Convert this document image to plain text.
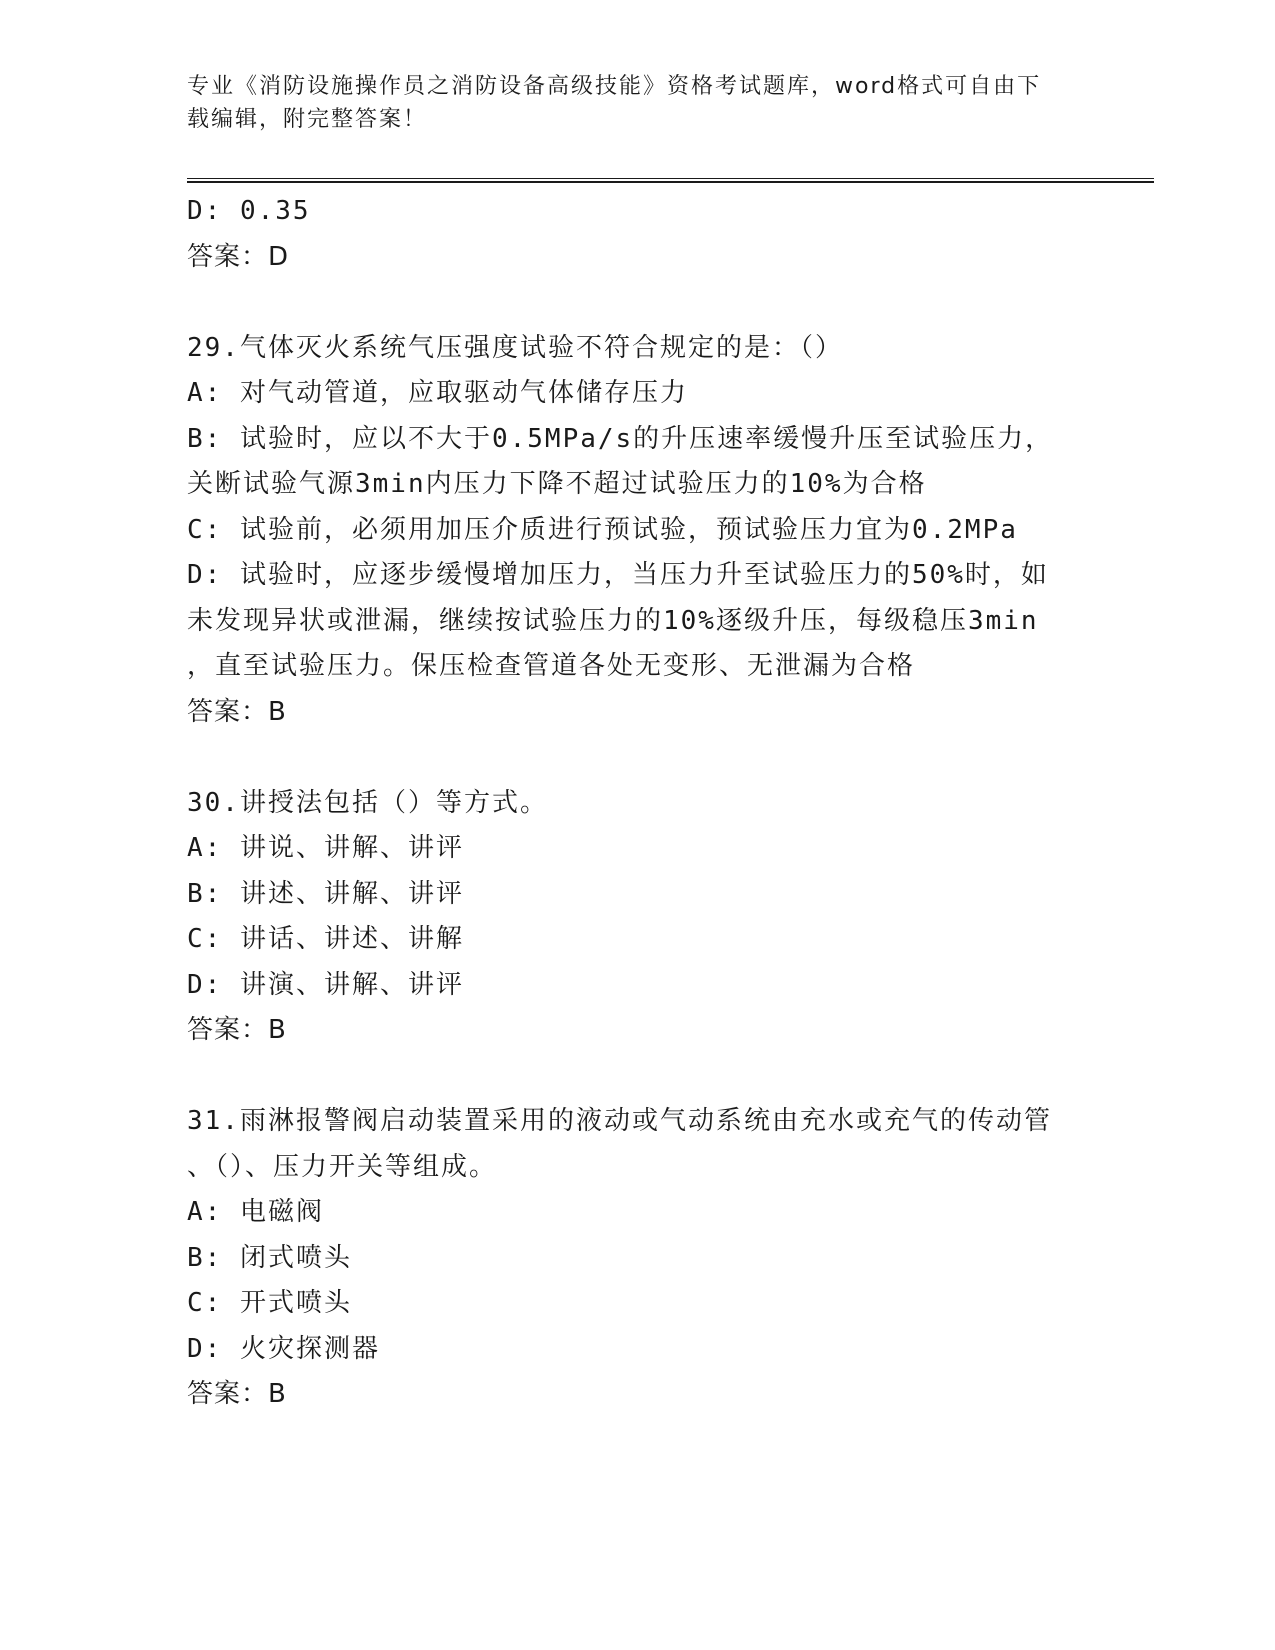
专业《消防设施操作员之消防设备高级技能》资格考试题库，word格式可自由下
载编辑，附完整答案！
D: 0.35
答案：D
29.气体灭火系统气压强度试验不符合规定的是：（）
A: 对气动管道，应取驱动气体储存压力
B: 试验时，应以不大于0.5MPa/s的升压速率缓慢升压至试验压力，
关断试验气源3min内压力下降不超过试验压力的10%为合格
C: 试验前，必须用加压介质进行预试验，预试验压力宜为0.2MPa
D: 试验时，应逐步缓慢增加压力，当压力升至试验压力的50%时，如
未发现异状或泄漏，继续按试验压力的10%逐级升压，每级稳压3min
，直至试验压力。保压检查管道各处无变形、无泄漏为合格
答案：B
30.讲授法包括（）等方式。
A: 讲说、讲解、讲评
B: 讲述、讲解、讲评
C: 讲话、讲述、讲解
D: 讲演、讲解、讲评
答案：B
31.雨淋报警阀启动装置采用的液动或气动系统由充水或充气的传动管
、（）、压力开关等组成。
A: 电磁阀
B: 闭式喷头
C: 开式喷头
D: 火灾探测器
答案：B
